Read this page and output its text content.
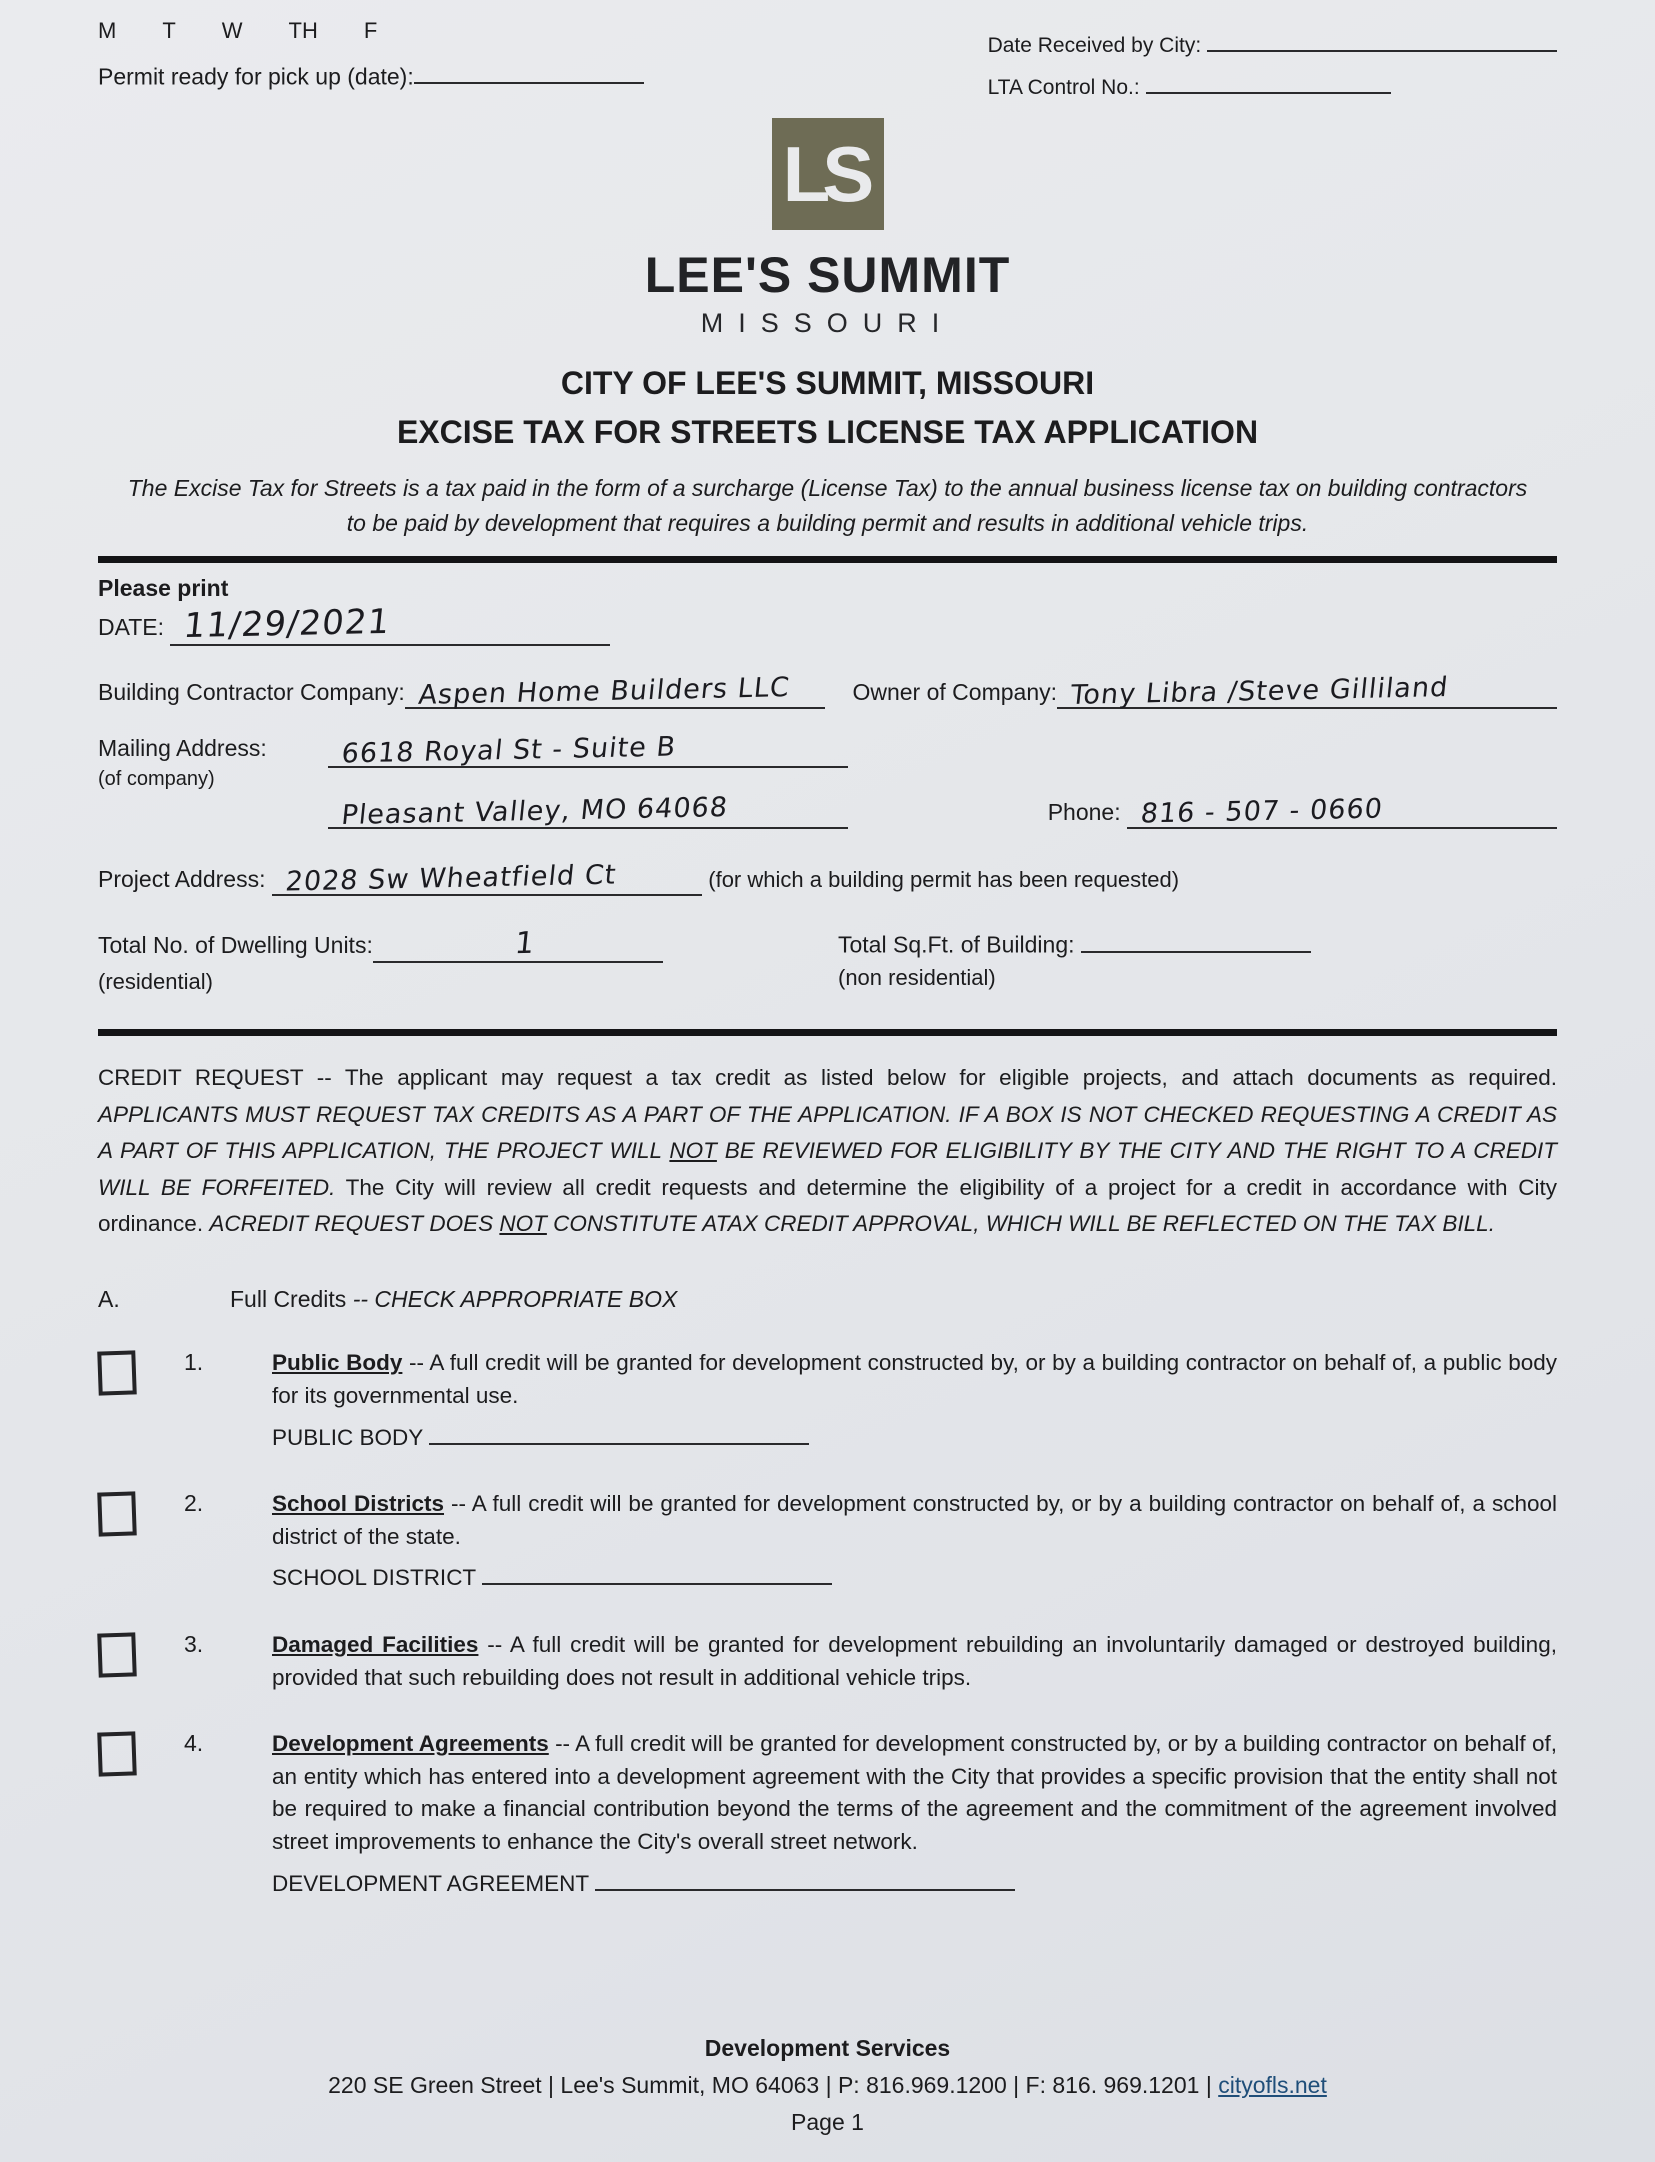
M T W TH F
Permit ready for pick up (date):
Date Received by City:
LTA Control No.:
LS
LEE'S SUMMIT
MISSOURI
CITY OF LEE'S SUMMIT, MISSOURI
EXCISE TAX FOR STREETS LICENSE TAX APPLICATION
The Excise Tax for Streets is a tax paid in the form of a surcharge (License Tax) to the annual business license tax on building contractors to be paid by development that requires a building permit and results in additional vehicle trips.
Please print
DATE: 11/29/2021
Building Contractor Company: Aspen Home Builders LLC	Owner of Company: Tony Libra /Steve Gilliland
Mailing Address:
(of company)
6618 Royal St - Suite B
Pleasant Valley, MO 64068	Phone: 816 - 507 - 0660
Project Address: 2028 Sw Wheatfield Ct	(for which a building permit has been requested)
Total No. of Dwelling Units:	1
(residential)
Total Sq.Ft. of Building:
(non residential)

CREDIT REQUEST -- The applicant may request a tax credit as listed below for eligible projects, and attach documents as required. APPLICANTS MUST REQUEST TAX CREDITS AS A PART OF THE APPLICATION. IF A BOX IS NOT CHECKED REQUESTING A CREDIT AS A PART OF THIS APPLICATION, THE PROJECT WILL NOT BE REVIEWED FOR ELIGIBILITY BY THE CITY AND THE RIGHT TO A CREDIT WILL BE FORFEITED. The City will review all credit requests and determine the eligibility of a project for a credit in accordance with City ordinance. ACREDIT REQUEST DOES NOT CONSTITUTE ATAX CREDIT APPROVAL, WHICH WILL BE REFLECTED ON THE TAX BILL.

A.	Full Credits -- CHECK APPROPRIATE BOX
1.	Public Body -- A full credit will be granted for development constructed by, or by a building contractor on behalf of, a public body for its governmental use.

PUBLIC BODY
2.	School Districts -- A full credit will be granted for development constructed by, or by a building contractor on behalf of, a school district of the state.

SCHOOL DISTRICT
3.	Damaged Facilities -- A full credit will be granted for development rebuilding an involuntarily damaged or destroyed building, provided that such rebuilding does not result in additional vehicle trips.

4.	Development Agreements -- A full credit will be granted for development constructed by, or by a building contractor on behalf of, an entity which has entered into a development agreement with the City that provides a specific provision that the entity shall not be required to make a financial contribution beyond the terms of the agreement and the commitment of the agreement involved street improvements to enhance the City's overall street network.

DEVELOPMENT AGREEMENT
Development Services
220 SE Green Street | Lee's Summit, MO 64063 | P: 816.969.1200 | F: 816. 969.1201 | cityofls.net
Page 1
